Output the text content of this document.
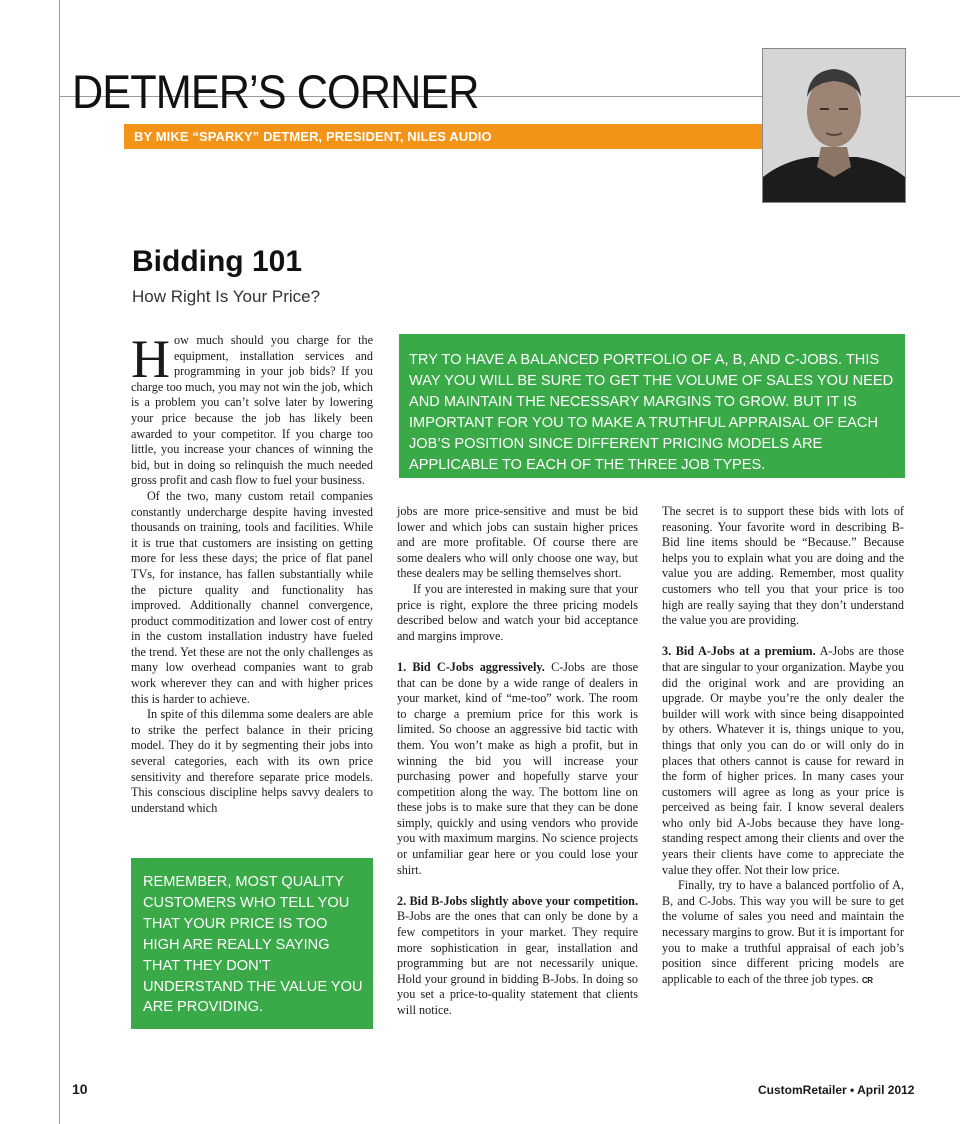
DETMER’S CORNER
BY MIKE “SPARKY” DETMER, PRESIDENT, NILES AUDIO
Bidding 101
How Right Is Your Price?

How much should you charge for the equipment, installation services and programming in your job bids? If you charge too much, you may not win the job, which is a problem you can’t solve later by lowering your price because the job has likely been awarded to your competitor. If you charge too little, you increase your chances of winning the bid, but in doing so relinquish the much needed gross profit and cash flow to fuel your business.

Of the two, many custom retail companies constantly undercharge despite having invested thousands on training, tools and facilities. While it is true that customers are insisting on getting more for less these days; the price of flat panel TVs, for instance, has fallen substantially while the picture quality and functionality has improved. Additionally channel convergence, product commoditization and lower cost of entry in the custom installation industry have fueled the trend. Yet these are not the only challenges as many low overhead companies want to grab work wherever they can and with higher prices this is harder to achieve.

In spite of this dilemma some dealers are able to strike the perfect balance in their pricing model. They do it by segmenting their jobs into several categories, each with its own price sensitivity and therefore separate price models. This conscious discipline helps savvy dealers to understand which

jobs are more price-sensitive and must be bid lower and which jobs can sustain higher prices and are more profitable. Of course there are some dealers who will only choose one way, but these dealers may be selling themselves short.

If you are interested in making sure that your price is right, explore the three pricing models described below and watch your bid acceptance and margins improve.

1. Bid C-Jobs aggressively. C-Jobs are those that can be done by a wide range of dealers in your market, kind of “me-too” work. The room to charge a premium price for this work is limited. So choose an aggressive bid tactic with them. You won’t make as high a profit, but in winning the bid you will increase your purchasing power and hopefully starve your competition along the way. The bottom line on these jobs is to make sure that they can be done simply, quickly and using vendors who provide you with maximum margins. No science projects or unfamiliar gear here or you could lose your shirt.

2. Bid B-Jobs slightly above your competition. B-Jobs are the ones that can only be done by a few competitors in your market. They require more sophistication in gear, installation and programming but are not necessarily unique. Hold your ground in bidding B-Jobs. In doing so you set a price-to-quality statement that clients will notice.

The secret is to support these bids with lots of reasoning. Your favorite word in describing B-Bid line items should be “Because.” Because helps you to explain what you are doing and the value you are adding. Remember, most quality customers who tell you that your price is too high are really saying that they don’t understand the value you are providing.

3. Bid A-Jobs at a premium. A-Jobs are those that are singular to your organization. Maybe you did the original work and are providing an upgrade. Or maybe you’re the only dealer the builder will work with since being disappointed by others. Whatever it is, things unique to you, things that only you can do or will only do in places that others cannot is cause for reward in the form of higher prices. In many cases your customers will agree as long as your price is perceived as being fair. I know several dealers who only bid A-Jobs because they have long-standing respect among their clients and over the years their clients have come to appreciate the value they offer. Not their low price.

Finally, try to have a balanced portfolio of A, B, and C-Jobs. This way you will be sure to get the volume of sales you need and maintain the necessary margins to grow. But it is important for you to make a truthful appraisal of each job’s position since different pricing models are applicable to each of the three job types. CR

TRY TO HAVE A BALANCED PORTFOLIO OF A, B, AND C-JOBS. THIS WAY YOU WILL BE SURE TO GET THE VOLUME OF SALES YOU NEED AND MAINTAIN THE NECESSARY MARGINS TO GROW. BUT IT IS IMPORTANT FOR YOU TO MAKE A TRUTHFUL APPRAISAL OF EACH JOB’S POSITION SINCE DIFFERENT PRICING MODELS ARE APPLICABLE TO EACH OF THE THREE JOB TYPES.
REMEMBER, MOST QUALITY CUSTOMERS WHO TELL YOU THAT YOUR PRICE IS TOO HIGH ARE REALLY SAYING THAT THEY DON’T UNDERSTAND THE VALUE YOU ARE PROVIDING.
10	CustomRetailer • April 2012
